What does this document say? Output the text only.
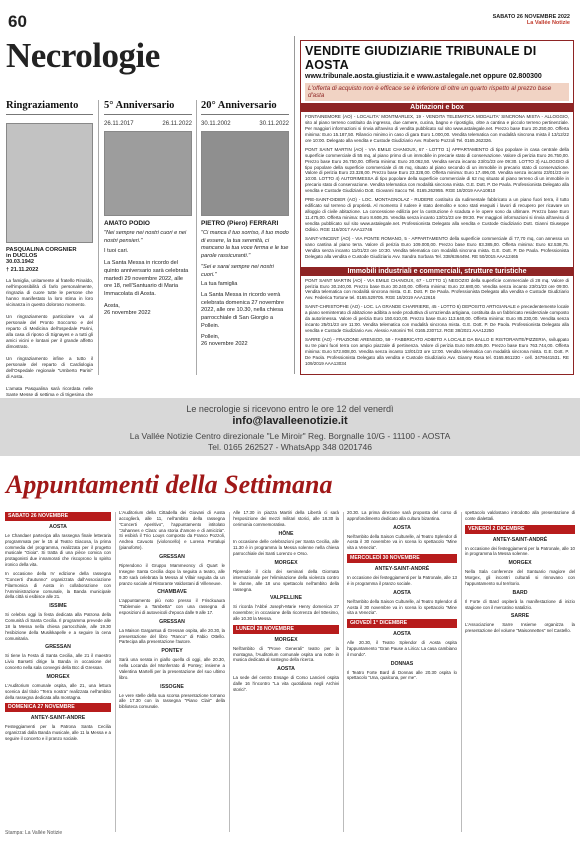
60	SABATO 26 NOVEMBRE 2022
La Vallée Notizie
Necrologie
Ringraziamento
PASQUALINA CORGNIER
in DUCLOS
30.03.1942
† 21.11.2022
La famiglia, unitamente al fratello Rinaldo, nell'impossibilità di farlo personalmente, ringrazia di cuore tutte le persone che hanno manifestato la loro stima in loro vicinanza in questo doloroso momento.

Un ringraziamento particolare va al personale del Pronto Soccorso e del reparto di Medicina dell'ospedale Parini, alla casa di riposo di Signayes e a tutti gli amici vicini e lontani per il grande affetto dimostrato.

Un ringraziamento infine a tutto il personale del reparto di Cardiologia dell'Ospedale regionale "Umberto Parini" di Aosta.

L'amata Pasqualina sarà ricordata nelle Sante Messe di settima e di trigesima che

5° Anniversario
26.11.2017	26.11.2022
AMATO PODIO
"Nei sempre nei nostri cuori e nei nostri pensieri."
I tuoi cari.
La Santa Messa in ricordo del quinto anniversario sarà celebrata martedì 29 novembre 2022, alle ore 18, nell'Santuario di Maria Immacolata di Aosta.
Aosta,
26 novembre 2022
20° Anniversario
30.11.2002	30.11.2022
PIETRO (Piero) FERRARI
"Ci manca il tuo sorriso, il tuo modo di essere, la tua serenità, ci mancano la tua voce ferma e le tue parole rassicuranti."
"Sei e sarai sempre nei nostri cuori."
La tua famiglia
La Santa Messa in ricordo verrà celebrata domenica 27 novembre 2022, alle ore 10.30, nella chiesa parrocchiale di San Giorgio a Pollein.
Pollein,
26 novembre 2022
VENDITE GIUDIZIARIE TRIBUNALE DI AOSTA
www.tribunale.aosta.giustizia.it e www.astalegale.net oppure 02.800300
L'offerta di acquisto non è efficace se è inferiore di oltre un quarto rispetto al prezzo base d'asta
Abitazioni e box

FONTAINEMORE (AO) - LOCALITA' MONTMARLEX, 19 - VENDITA TELEMATICA MODALITA' SINCRONA MISTA - ALLOGGIO, sito al piano terreno costituito da ingresso, due camere, cucina, bagno e ripostiglio, oltre a cantina e piccolo terreno pertinenziale. Per maggiori informazioni si rinvia all'avviso di vendita pubblicato sul sito www.astalegale.net. Prezzo base Euro 20.250,00. Offerta minima: Euro 15.187,50. Rilancio minimo in caso di gara Euro 1.000,00. Vendita telematica con modalità sincrona mista il 13/12/22 ore 10:00. Delegato alla vendita e Custode Giudiziario Avv. Roberto Pozzoli Tel. 0165.262326.

PONT SAINT MARTIN (AO) - VIA EMILE CHANOUX, 67 - LOTTO 1) APPARTAMENTO di tipo popolare in casa centrale della superficie commerciale di 55 mq, al piano primo di un immobile in precarie stato di conservazione. Valore di perizia Euro 26.750,00. Prezzo base Euro 26.750,00. Offerta minima: Euro 20.062,50. Vendita senza incanto 23/01/23 ore 09:30. LOTTO 3) ALLOGGIO di tipo popolare della superficie commerciale di 46 mq, situato al piano secondo di un immobile in precario stato di conservazione. Valore di perizia Euro 23.328,00. Prezzo base Euro 23.328,00. Offerta minima: Euro 17.496,00. Vendita senza incanto 23/01/23 ore 10:00. LOTTO 4) AUTORIMESSA di tipo popolare della superficie commerciale di 62 mq situato al piano terreno di un immobile in precario stato di conservazione. Vendita telematica con modalità sincrona mista. G.E. Dott. P. De Paola. Professionista Delegato alla vendita e Custode Giudiziario Dott. Giovanni Sacco Tel. 0165.262955. RGE 18/2019 AAA10810

PRE-SAINT-DIDIER (AO) - LOC. MONTAGNOLAZ - RUDERE costituito da rudimentale fabbricato a un piano fuori terra, il tutto edificato sul terreno di proprietà. Al momento il rudere è stato demolito e sono stati eseguiti i lavori di recupero per ricavare un alloggio di civile abitazione. La concessione edilizia per la costruzione è scaduta e le opere sono da ultimare. Prezzo base Euro 11.475,00. Offerta minima: Euro 8.606,25. Vendita senza incanto 13/01/23 ore 09:30. Per maggiori informazioni si rinvia all'avviso di vendita pubblicato sul sito www.astalegale.net. Professionista Delegato alla vendita e Custode Giudiziario Dott. Gianni Giuseppe Odisio. RGE 116/2017 AAA12746

SAINT-VINCENT (AO) - VIA PONTE ROMANO, 5 - APPARTAMENTO della superficie commerciale di 77,70 mq, con annesso un vano cantina al piano terra. Valore di perizia Euro 109.000,00. Prezzo base Euro 83.385,00. Offerta minima: Euro 62.538,75. Vendita senza incanto 11/01/23 ore 10:30. Vendita telematica con modalità sincrona mista. G.E. Dott. P. De Paola. Professionista Delegato alla vendita e Custode Giudiziario Avv. Sandra Sorbara Tel. 338/6364494. RE 50/2015 AAA12465

Immobili industriali e commerciali, strutture turistiche

PONT SAINT MARTIN (AO) - VIA EMILE CHANOUX, 67 - LOTTO 1) NEGOZIO della superficie commerciale di 28 mq. Valore di perizia Euro 30.240,00. Prezzo base Euro 30.240,00. Offerta minima: Euro 22.680,00. Vendita senza incanto 23/01/23 ore 09:00. Vendita telematica con modalità sincrona mista. G.E. Dott. P. De Paola. Professionista Delegato alla vendita e Custode Giudiziario Avv. Federica Tortone tel. 0165.529705. RGE 18/2019 AAA12616

SAINT-CHRISTOPHE (AO) - LOC. LA GRANDE CHARRIERE, 45 - LOTTO 6) DEPOSITO ARTIGIANALE e precedentemente locale a piano seminterrato di abitazione adibita a sede produttiva di un'azienda artigiana, costituita da un fabbricato residenziale composto da autorimessa. Valore di perizia Euro 150.610,00. Prezzo base Euro 113.640,00. Offerta minima: Euro 85.230,00. Vendita senza incanto 25/01/23 ore 11:00. Vendita telematica con modalità sincrona mista. G.E. Dott. P. De Paola. Professionista Delegato alla vendita e Custode Giudiziario Avv. Alessio Antonini Tel. 0165.230712. RGE 38/2021 AAA12250

SARRE (AO) - FRAZIONE ARENSOD, 59 - FABBRICATO ADIBITO A LOCALE DA BALLO E RISTORANTE/PIZZERIA, sviluppato su tre piani fuori terra con ampio piazzale di pertinenza. Valore di perizia Euro 849.405,00. Prezzo base Euro 763.744,00. Offerta minima: Euro 572.808,00. Vendita senza incanto 13/01/23 ore 12:00. Vendita telematica con modalità sincrona mista. G.E. Dott. P. De Paola. Professionista Delegato alla vendita e Custode Giudiziario Avv. Gianny Rosa tel. 0165.861230 - cell. 3479441531. RE 109/2019 AAA13034

Le necrologie si ricevono entro le ore 12 del venerdì
info@lavalleenotizie.it
La Vallée Notizie Centro direzionale "Le Miroir" Reg. Borgnalle 10/G - 11100 - AOSTA
Tel. 0165 262527 - WhatsApp 348 0201746
Appuntamenti della Settimana
SABATO 26 NOVEMBRE
AOSTA

Le Chandaer partecipa alla rassegna finale letteraria programmata per le 15 al Teatro Giacosa, la prima commedia del programma, realizzata per il progetto musicale "Gioia". Si tratta di una pièce comica con protagonisti due innamorati che riscoprono lo spirito ironico della vita.

In occasione della IV edizione della rassegna "Concerti d'autunno" organizzata dall'Associazione Filarmonica di Aosta in collaborazione con l'Amministrazione comunale, la Banda municipale della città si esibisce alle 21.

ISSIME

Si celebra oggi la festa dedicata alla Patrona della Comunità di Santa Cecilia. Il programma prevede alle 18 la Messa nella chiesa parrocchiale, alle 19.30 l'esibizione della Musikkapelle e a seguire la cena comunitaria.

GRESSAN

Si tiene la Festa di Santa Cecilia, alle 21 il maestro Livio Barsetti dirige la Banda in occasione del concerto nella sala convegni della Bcc di Gressan.

MORGEX

L'Auditorium comunale ospita, alle 21, una lettura scenica dal titolo "Terra nostra" realizzata nell'ambito della rassegna dedicata alla montagna.

DOMENICA 27 NOVEMBRE
ANTEY-SAINT-ANDRE

Festeggiamenti per la Patrona Santa Cecilia organizzati dalla Banda musicale, alle 11 la Messa e a seguire il concerto e il pranzo sociale.

L'Auditorium della Cittadella dei Giovani di Aosta accoglierà, alle 11, nell'ambito della rassegna "Concerti Aperitivo", l'appuntamento intitolato "Johannes e Clara: una storia d'amore e di amicizia". Si esibirà il Trio Louys composto da Franco Pozzoli, Andrea Cavuoto (violoncello) e Lorena Portalupi (pianoforte).

GRESSAN

Riprendono il Gruppo Mammeoncy di Quart le Insegne Santa Cecilia dopo la seguita a teatro, alle 9.30 sarà celebrata la Messa al Villair seguita da un pranzo sociale al Ristorante Valdostani di Villeneuve.

CHAMBAVE

L'appuntamento più noto presso il Frisckuaura "Tablemoie a Tambetta" con una rassegna di esposizioni di autoveicoli d'epoca dalle 9 alle 17.

GRESSAN

La Maison Gargantua di Gressan ospita, alle 20.30, la presentazione del libro "Ranco" di Fabio Ottello. Partecipa alla presentazione l'autore.

PONTEY

Sarà una serata in giallo quella di oggi, alle 20.30, nella Locanda del Monferrato di Pontey; insieme a Valentina Martelli per la presentazione del suo ultimo libro.

ISSOGNE

Le vere stelle della sua scorsa presentazione tornano alle 17.30 con la rassegna "Piano Clair" della biblioteca comunale.

Alle 17.30 in piazza Martiri della Libertà ci sarà l'esposizione dei mezzi militari storici, alle 18.30 la cerimonia commemorativa.

HÔNE

In occasione delle celebrazioni per Santa Cecilia, alle 11.30 è in programma la Messa solenne nella chiesa parrocchiale dei Santi Lorenzo e Orso.

MORGEX

Riprende il ciclo dei seminari della Giornata internazionale per l'eliminazione della violenza contro le donne, alle 18 uno spettacolo nell'ambito della rassegna.

VALPELLINE

Si ricorda l'Abbé Joseph-Marie Henry domenica 27 novembre; in occasione della ricorrenza del 50esimo, alle 10.30 la Messa.

LUNEDÌ 28 NOVEMBRE
MORGEX

Nell'ambito di "Prove Generali" teatro per la montagna, l'Auditorium comunale ospita una notte in musica dedicata al sostegno della ricerca.

AOSTA

La sede del centro Ensage di Corso Lancieri ospita dalle 16 l'incontro "La vita quotidiana negli Archivi storici".

20.30. La prima direzione sarà proposta del corso di approfondimento dedicato alla cultura bizantina.

AOSTA

Nell'ambito della Saison Culturelle, al Teatro Splendor di Aosta il 30 novembre va in scena lo spettacolo "Mine vita a Venezia".

MERCOLEDÌ 30 NOVEMBRE
ANTEY-SAINT-ANDRÉ

In occasione dei festeggiamenti per la Patronale, alle 13 è in programma il pranzo sociale.

AOSTA

Nell'ambito della Saison Culturelle, al Teatro Splendor di Aosta il 30 novembre va in scena lo spettacolo "Mine vita a Venezia".

GIOVEDÌ 1° DICEMBRE
AOSTA

Alle 20.30, il Teatro Splendor di Aosta ospita l'appuntamento "Gran Pause a Lirica: La casa cambiano il mondo".

DONNAS

Il Teatro Forte Bard di Donnas alle 20.30 ospita lo spettacolo "Una, qualcuna, per me".

spettacolo valdostano introdotto alla presentazione di conte dialettali.

VENERDÌ 2 DICEMBRE
ANTEY-SAINT-ANDRÉ

In occasione dei festeggiamenti per la Patronale, alle 10 in programma la Messa solenne.

MORGEX

Nella Sala conferenze del Santuario magiore del Morgex, gli incontri culturali si rinnovano con l'appuntamento sul territorio.

BARD

Il Forte di Bard ospiterà la manifestazione di inizio stagione con il mercatino natalizio.

SARRE

L'Associazione Sarre Insieme organizza la presentazione del volume "Maisonnettes" nel Castello.

Stampa: La Vallée Notizie
